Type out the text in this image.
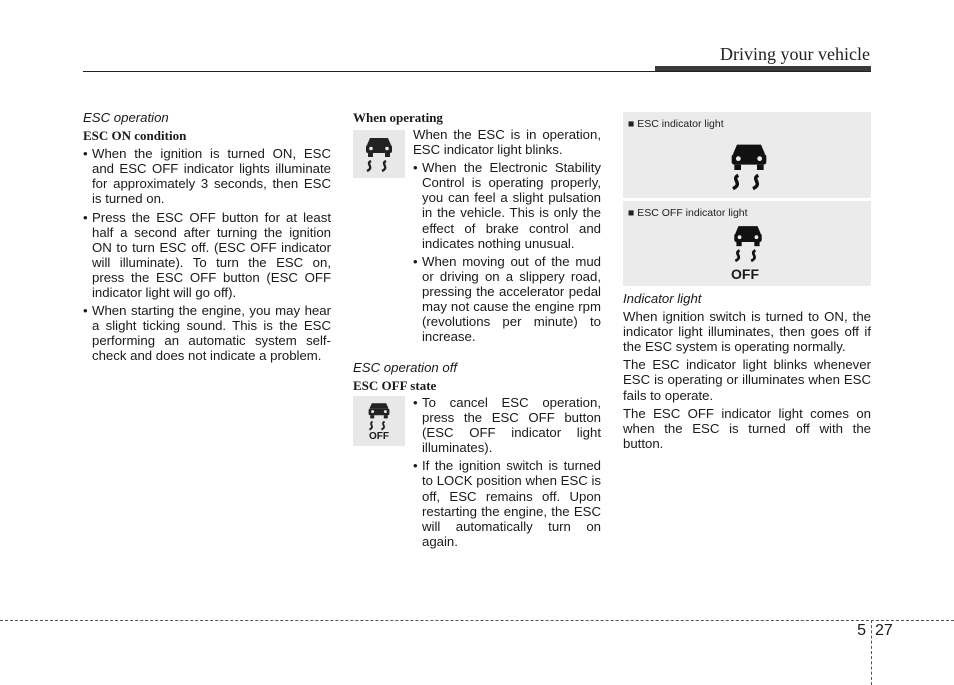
Driving your vehicle
ESC operation
ESC ON condition
• When the ignition is turned ON, ESC and ESC OFF indicator lights illuminate for approximately 3 seconds, then ESC is turned on.
• Press the ESC OFF button for at least half a second after turning the ignition ON to turn ESC off. (ESC OFF indicator will illuminate). To turn the ESC on, press the ESC OFF button (ESC OFF indicator light will go off).
• When starting the engine, you may hear a slight ticking sound. This is the ESC performing an automatic system self-check and does not indicate a problem.
When operating

When the ESC is in operation, ESC indicator light blinks.

• When the Electronic Stability Control is operating properly, you can feel a slight pulsation in the vehicle. This is only the effect of brake control and indicates nothing unusual.
• When moving out of the mud or driving on a slippery road, pressing the accelerator pedal may not cause the engine rpm (revolutions per minute) to increase.
ESC operation off
ESC OFF state
OFF
• To cancel ESC operation, press the ESC OFF button (ESC OFF indicator light illuminates).
• If the ignition switch is turned to LOCK position when ESC is off, ESC remains off. Upon restarting the engine, the ESC will automatically turn on again.
■ ESC indicator light
■ ESC OFF indicator light
OFF
Indicator light

When ignition switch is turned to ON, the indicator light illuminates, then goes off if the ESC system is operating normally.

The ESC indicator light blinks whenever ESC is operating or illuminates when ESC fails to operate.

The ESC OFF indicator light comes on when the ESC is turned off with the button.

5 27
